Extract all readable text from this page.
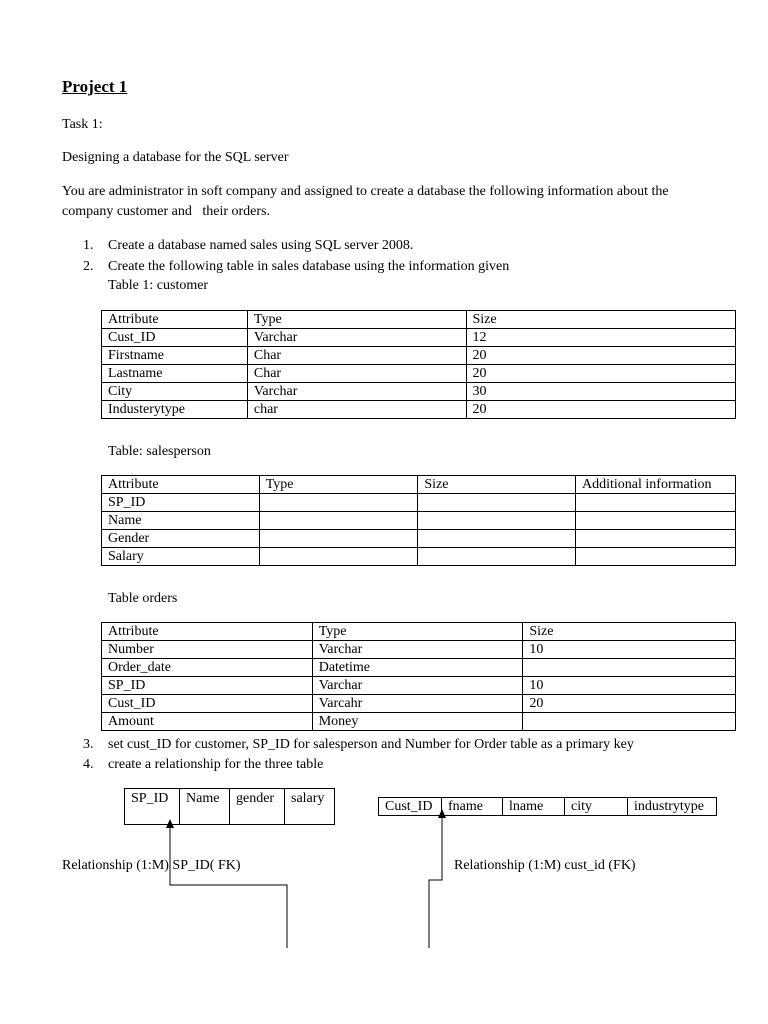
Project 1
Task 1:
Designing a database for the SQL server
You are administrator in soft company and assigned to create a database the following information about the
company customer and   their orders.
1. Create a database named sales using SQL server 2008.
2. Create the following table in sales database using the information given
Table 1: customer
Attribute	Type	Size
Cust_ID	Varchar	12
Firstname	Char	20
Lastname	Char	20
City	Varchar	30
Industerytype	char	20
Table: salesperson
Attribute	Type	Size	Additional information
SP_ID			
Name			
Gender			
Salary			
Table orders
Attribute	Type	Size
Number	Varchar	10
Order_date	Datetime	
SP_ID	Varchar	10
Cust_ID	Varcahr	20
Amount	Money	
3. set cust_ID for customer, SP_ID for salesperson and Number for Order table as a primary key
4. create a relationship for the three table
SP_ID	Name	gender	salary
Cust_ID	fname	lname	city	industrytype
Relationship (1:M) SP_ID( FK)	Relationship (1:M) cust_id (FK)
